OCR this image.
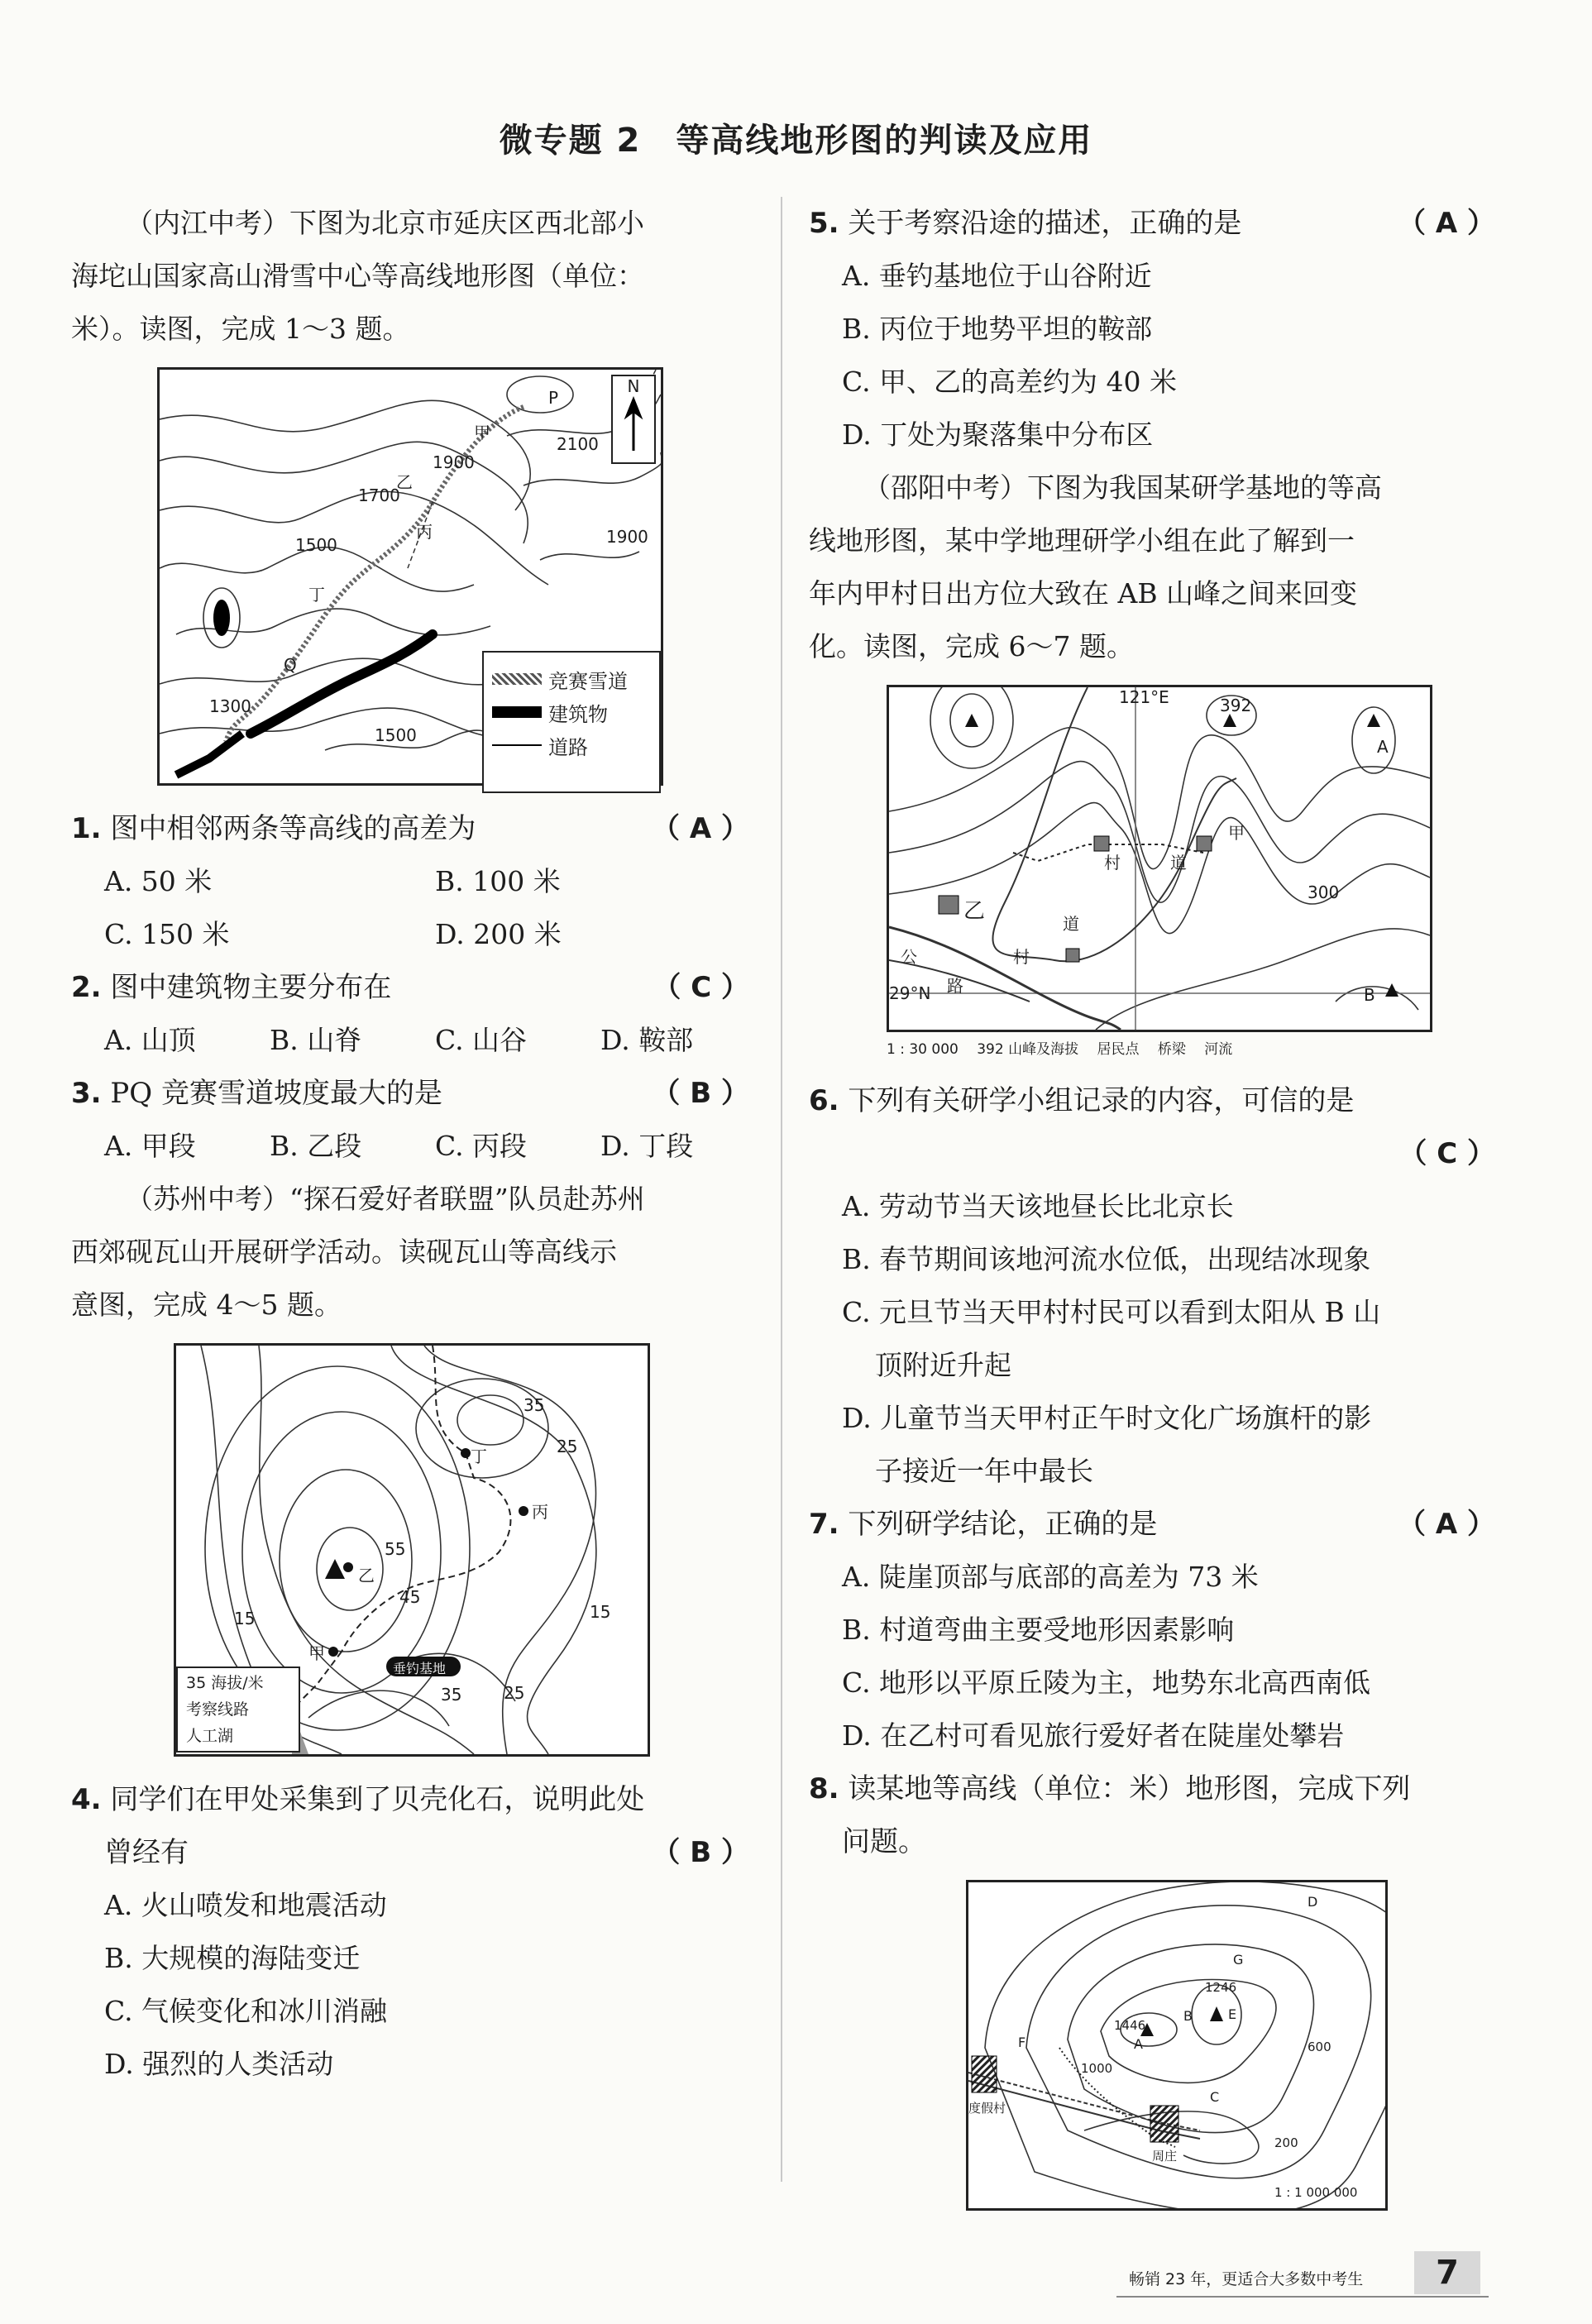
微专题 2　等高线地形图的判读及应用

（内江中考）下图为北京市延庆区西北部小

海坨山国家高山滑雪中心等高线地形图（单位：

米）。读图，完成 1～3 题。

P
甲
2100
1900
乙
1700
丙	1900
1500
丁
Q
1300
1500
N
竞赛雪道
建筑物
道路
1. 图中相邻两条等高线的高差为	（ A ）
A. 50 米	B. 100 米
C. 150 米	D. 200 米
2. 图中建筑物主要分布在	（ C ）
A. 山顶	B. 山脊	C. 山谷	D. 鞍部
3. PQ 竞赛雪道坡度最大的是	（ B ）
A. 甲段	B. 乙段	C. 丙段	D. 丁段

（苏州中考）“探石爱好者联盟”队员赴苏州

西郊砚瓦山开展研学活动。读砚瓦山等高线示

意图，完成 4～5 题。

35
丁	25
丙
55
乙
45
15
甲
15
垂钓基地
35	25
35 海拔/米
考察线路
人工湖
4. 同学们在甲处采集到了贝壳化石，说明此处
曾经有	（ B ）

A. 火山喷发和地震活动

B. 大规模的海陆变迁

C. 气候变化和冰川消融

D. 强烈的人类活动

5. 关于考察沿途的描述，正确的是	（ A ）

A. 垂钓基地位于山谷附近

B. 丙位于地势平坦的鞍部

C. 甲、乙的高差约为 40 米

D. 丁处为聚落集中分布区

（邵阳中考）下图为我国某研学基地的等高

线地形图，某中学地理研学小组在此了解到一

年内甲村日出方位大致在 AB 山峰之间来回变

化。读图，完成 6～7 题。

121°E	392
A
甲
村	道
道
乙
村
公
路
300
29°N	B
1 : 30 000　 392 山峰及海拔　 居民点　 桥梁　 河流
6. 下列有关研学小组记录的内容，可信的是
（ C ）

A. 劳动节当天该地昼长比北京长

B. 春节期间该地河流水位低，出现结冰现象

C. 元旦节当天甲村村民可以看到太阳从 B 山
顶附近升起

D. 儿童节当天甲村正午时文化广场旗杆的影
子接近一年中最长

7. 下列研学结论，正确的是	（ A ）

A. 陡崖顶部与底部的高差为 73 米

B. 村道弯曲主要受地形因素影响

C. 地形以平原丘陵为主，地势东北高西南低

D. 在乙村可看见旅行爱好者在陡崖处攀岩

8. 读某地等高线（单位：米）地形图，完成下列
问题。
D
G
1246
1446
B
A
E
F
1000
600
C
度假村
200
周庄
1 : 1 000 000
畅销 23 年，更适合大多数中考生	7
